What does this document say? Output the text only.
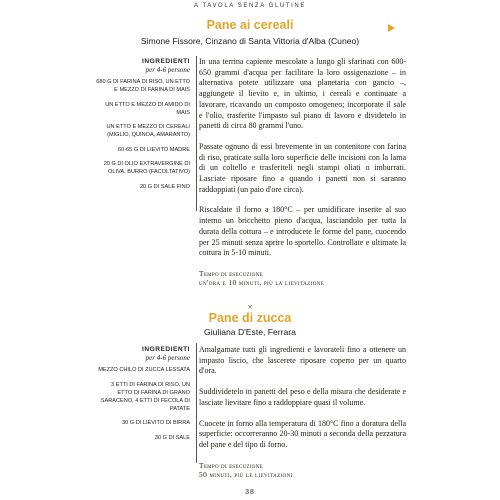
A TAVOLA SENZA GLUTINE
Pane ai cereali
Simone Fissore, Cinzano di Santa Vittoria d'Alba (Cuneo)
INGREDIENTI
per 4-6 persone
680 G DI FARINA DI RISO, UN ETTO E MEZZO DI FARINA DI MAIS
UN ETTO E MEZZO DI AMIDO DI MAIS
UN ETTO E MEZZO DI CEREALI (MIGLIO, QUINOA, AMARANTO)
60-65 G DI LIEVITO MADRE
20 G DI OLIO EXTRAVERGINE DI OLIVA, BURRO (FACOLTATIVO)
20 G DI SALE FINO

In una terrina capiente mescolate a lungo gli sfarinati con 600-650 grammi d'acqua per facilitare la loro ossigenazione – in alternativa potete utilizzare una planetaria con gancio –, aggiungete il lievito e, in ultimo, i cereali e continuate a lavorare, ricavando un composto omogeneo; incorporate il sale e l'olio, trasferite l'impasto sul piano di lavoro e dividetelo in panetti di circa 80 grammi l'uno.

Passate ognuno di essi brevemente in un contenitore con farina di riso, praticate sulla loro superficie delle incisioni con la lama di un coltello e trasferiteli negli stampi oliati o imburrati. Lasciate riposare fino a quando i panetti non si saranno raddoppiati (un paio d'ore circa).

Riscaldate il forno a 180°C – per umidificare inserite al suo interno un bricchetto pieno d'acqua, lasciandolo per tutta la durata della cottura – e introducete le forme del pane, cuocendo per 25 minuti senza aprire lo sportello. Controllate e ultimate la cottura in 5-10 minuti.

Tempo di esecuzione
un'ora e 10 minuti, più la lievitazione
×
Pane di zucca
Giuliana D'Este, Ferrara
INGREDIENTI
per 4-6 persone
MEZZO CHILO DI ZUCCA LESSATA
3 ETTI DI FARINA DI RISO, UN ETTO DI FARINA DI GRANO SARACENO, 4 ETTI DI FECOLA DI PATATE
30 G DI LIEVITO DI BIRRA
30 G DI SALE

Amalgamate tutti gli ingredienti e lavorateli fino a ottenere un impasto liscio, che lascerete riposare coperto per un quarto d'ora.

Suddividetelo in panetti del peso e della misura che desiderate e lasciate lievitare fino a raddoppiare quasi il volume.

Cuocete in forno alla temperatura di 180°C fino a doratura della superficie: occorreranno 20-30 minuti a seconda della pezzatura del pane e del tipo di forno.

Tempo di esecuzione
50 minuti, più le lievitazioni
38
